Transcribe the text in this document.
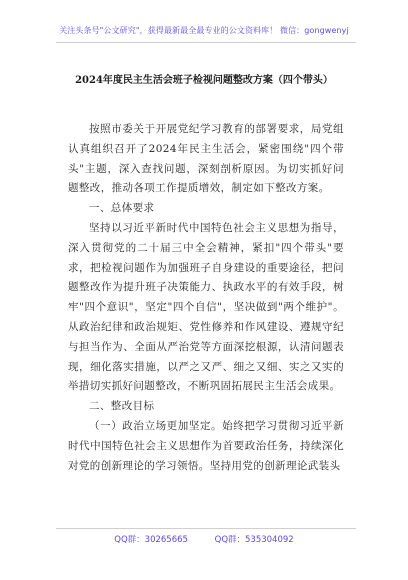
关注头条号"公文研究"，获得最新最全最专业的公文资料库！ 微信：gongwenyj
2024年度民主生活会班子检视问题整改方案（四个带头）

按照市委关于开展党纪学习教育的部署要求，局党组认真组织召开了2024年民主生活会，紧密围绕"四个带头"主题，深入查找问题，深刻剖析原因。为切实抓好问题整改，推动各项工作提质增效，制定如下整改方案。

一、总体要求

坚持以习近平新时代中国特色社会主义思想为指导，深入贯彻党的二十届三中全会精神，紧扣"四个带头"要求，把检视问题作为加强班子自身建设的重要途径，把问题整改作为提升班子决策能力、执政水平的有效手段，树牢"四个意识"，坚定"四个自信"，坚决做到"两个维护"。从政治纪律和政治规矩、党性修养和作风建设、遵规守纪与担当作为、全面从严治党等方面深挖根源，认清问题表现，细化落实措施，以严之又严、细之又细、实之又实的举措切实抓好问题整改，不断巩固拓展民主生活会成果。

二、整改目标

（一）政治立场更加坚定。始终把学习贯彻习近平新时代中国特色社会主义思想作为首要政治任务，持续深化对党的创新理论的学习领悟。坚持用党的创新理论武装头

QQ群：30265665	QQ群：535304092
